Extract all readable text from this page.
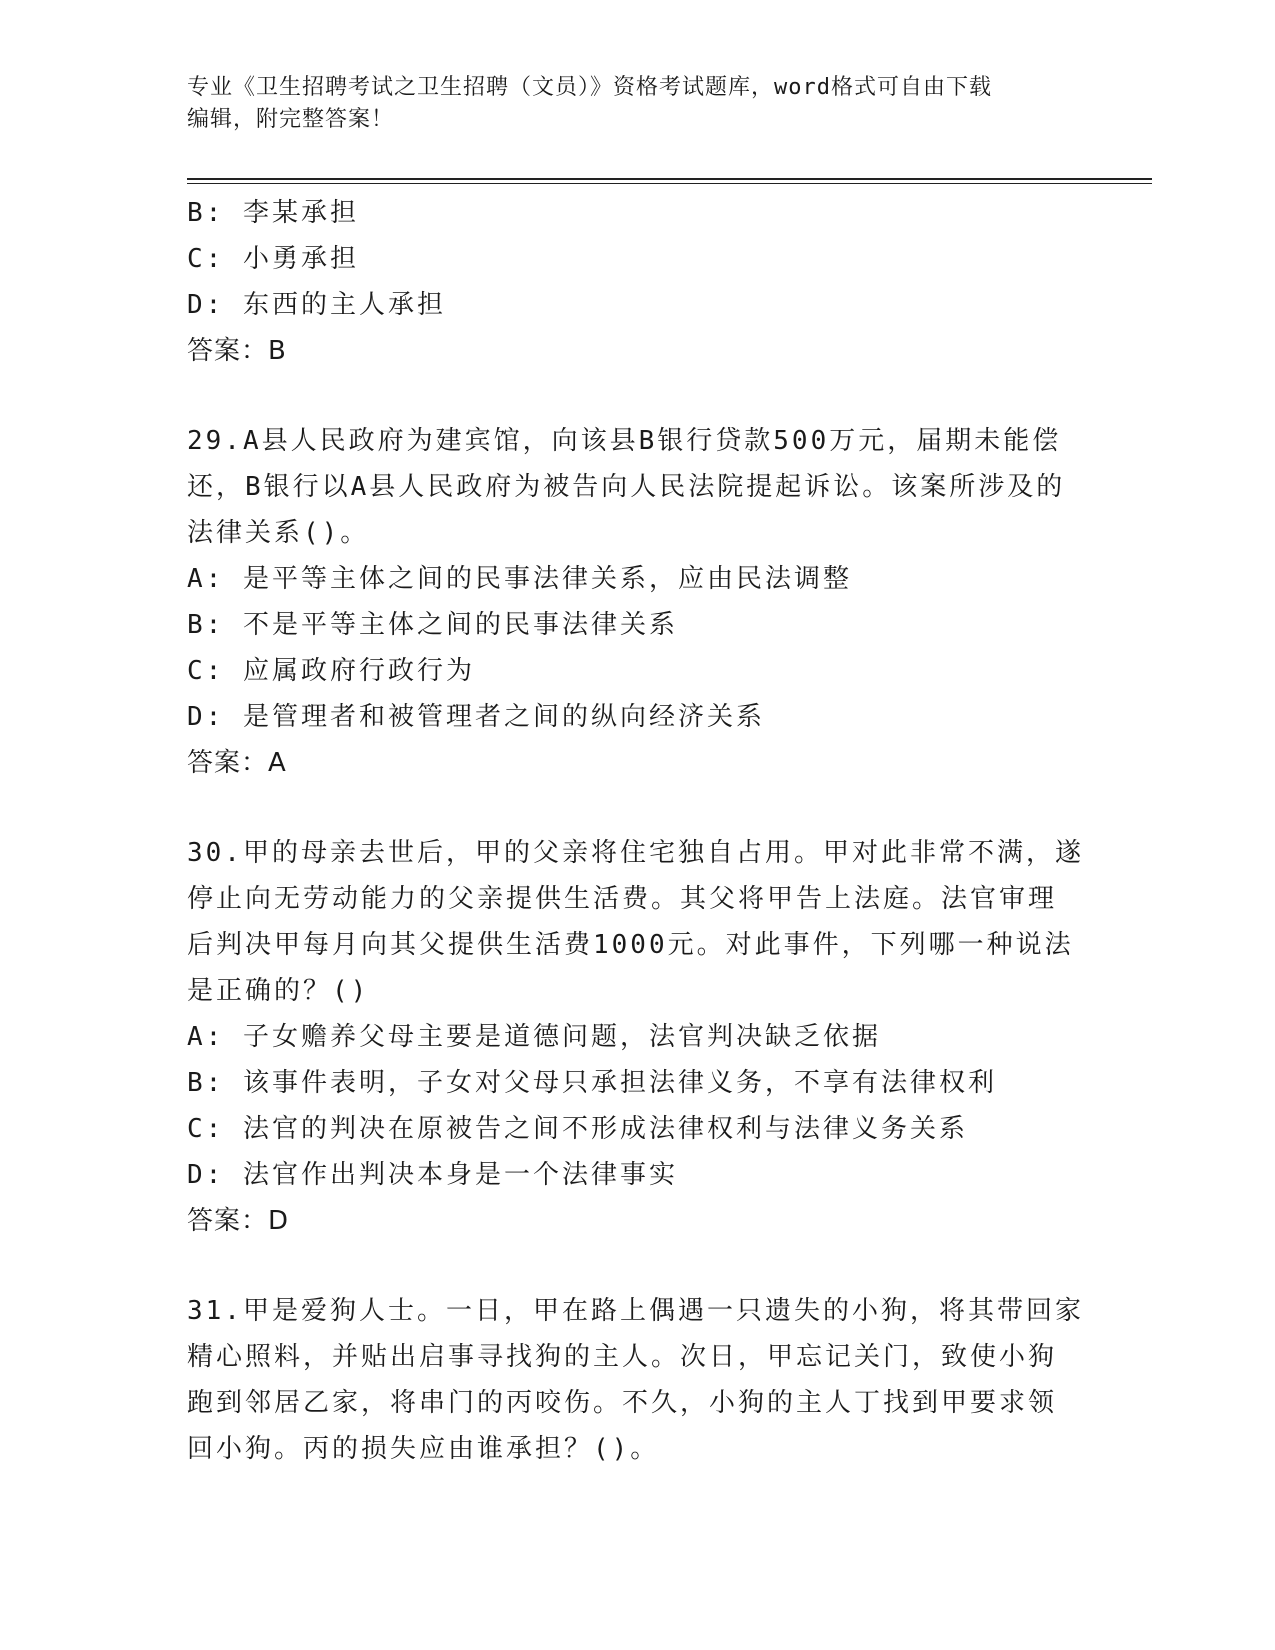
专业《卫生招聘考试之卫生招聘（文员）》资格考试题库，word格式可自由下载
编辑，附完整答案！
B: 李某承担
C: 小勇承担
D: 东西的主人承担
答案：B
29.A县人民政府为建宾馆，向该县B银行贷款500万元，届期未能偿
还，B银行以A县人民政府为被告向人民法院提起诉讼。该案所涉及的
法律关系()。
A: 是平等主体之间的民事法律关系，应由民法调整
B: 不是平等主体之间的民事法律关系
C: 应属政府行政行为
D: 是管理者和被管理者之间的纵向经济关系
答案：A
30.甲的母亲去世后，甲的父亲将住宅独自占用。甲对此非常不满，遂
停止向无劳动能力的父亲提供生活费。其父将甲告上法庭。法官审理
后判决甲每月向其父提供生活费1000元。对此事件，下列哪一种说法
是正确的？()
A: 子女赡养父母主要是道德问题，法官判决缺乏依据
B: 该事件表明，子女对父母只承担法律义务，不享有法律权利
C: 法官的判决在原被告之间不形成法律权利与法律义务关系
D: 法官作出判决本身是一个法律事实
答案：D
31.甲是爱狗人士。一日，甲在路上偶遇一只遗失的小狗，将其带回家
精心照料，并贴出启事寻找狗的主人。次日，甲忘记关门，致使小狗
跑到邻居乙家，将串门的丙咬伤。不久，小狗的主人丁找到甲要求领
回小狗。丙的损失应由谁承担？()。
